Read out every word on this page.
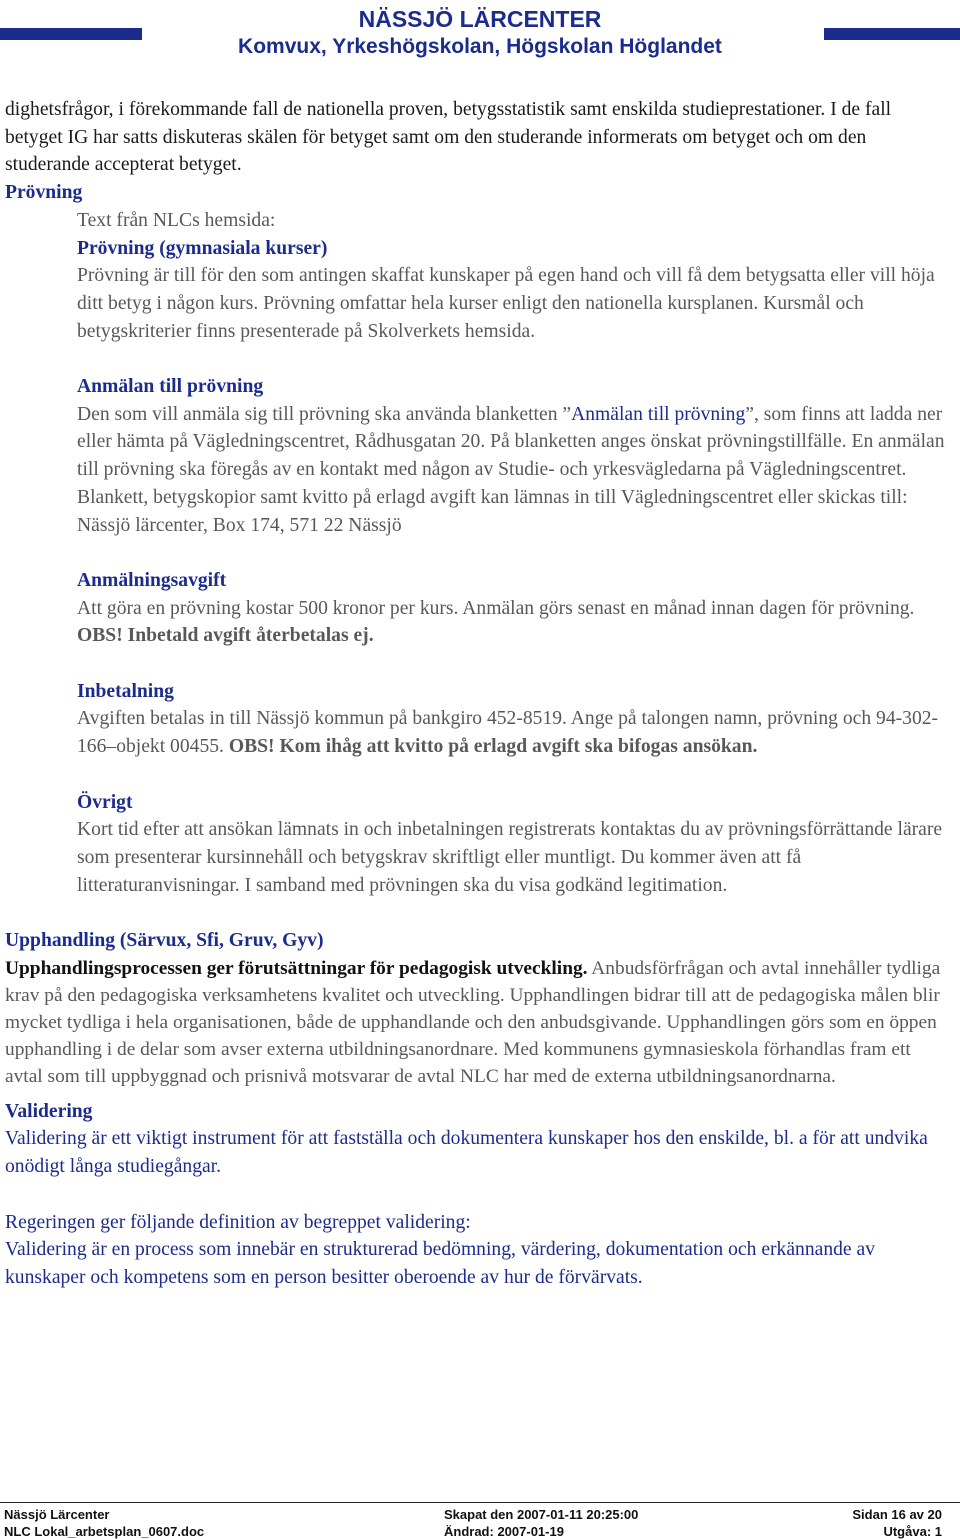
NÄSSJÖ LÄRCENTER
Komvux, Yrkeshögskolan, Högskolan Höglandet

dighetsfrågor, i förekommande fall de nationella proven, betygsstatistik samt enskilda studieprestationer. I de fall betyget IG har satts diskuteras skälen för betyget samt om den studerande informerats om betyget och om den studerande accepterat betyget.

Prövning
Text från NLCs hemsida:
Prövning (gymnasiala kurser)

Prövning är till för den som antingen skaffat kunskaper på egen hand och vill få dem betygsatta eller vill höja ditt betyg i någon kurs. Prövning omfattar hela kurser enligt den nationella kursplanen. Kursmål och betygskriterier finns presenterade på Skolverkets hemsida.

Anmälan till prövning

Den som vill anmäla sig till prövning ska använda blanketten ”Anmälan till prövning”, som finns att ladda ner eller hämta på Vägledningscentret, Rådhusgatan 20. På blanketten anges önskat prövningstillfälle. En anmälan till prövning ska föregås av en kontakt med någon av Studie- och yrkesvägledarna på Vägledningscentret. Blankett, betygskopior samt kvitto på erlagd avgift kan lämnas in till Vägledningscentret eller skickas till: Nässjö lärcenter, Box 174, 571 22 Nässjö

Anmälningsavgift

Att göra en prövning kostar 500 kronor per kurs. Anmälan görs senast en månad innan dagen för prövning. OBS! Inbetald avgift återbetalas ej.

Inbetalning

Avgiften betalas in till Nässjö kommun på bankgiro 452-8519. Ange på talongen namn, prövning och 94-302-166–objekt 00455. OBS! Kom ihåg att kvitto på erlagd avgift ska bifogas ansökan.

Övrigt

Kort tid efter att ansökan lämnats in och inbetalningen registrerats kontaktas du av prövningsförrättande lärare som presenterar kursinnehåll och betygskrav skriftligt eller muntligt. Du kommer även att få litteraturanvisningar. I samband med prövningen ska du visa godkänd legitimation.

Upphandling (Särvux, Sfi, Gruv, Gyv)

Upphandlingsprocessen ger förutsättningar för pedagogisk utveckling. Anbudsförfrågan och avtal innehåller tydliga krav på den pedagogiska verksamhetens kvalitet och utveckling. Upphandlingen bidrar till att de pedagogiska målen blir mycket tydliga i hela organisationen, både de upphandlande och den anbudsgivande. Upphandlingen görs som en öppen upphandling i de delar som avser externa utbildningsanordnare. Med kommunens gymnasieskola förhandlas fram ett avtal som till uppbyggnad och prisnivå motsvarar de avtal NLC har med de externa utbildningsanordnarna.

Validering

Validering är ett viktigt instrument för att fastställa och dokumentera kunskaper hos den enskilde, bl. a för att undvika onödigt långa studiegångar.

Regeringen ger följande definition av begreppet validering:

Validering är en process som innebär en strukturerad bedömning, värdering, dokumentation och erkännande av kunskaper och kompetens som en person besitter oberoende av hur de förvärvats.

Nässjö Lärcenter
NLC Lokal_arbetsplan_0607.doc
Skapat den 2007-01-11 20:25:00
Ändrad: 2007-01-19
Sidan 16 av 20
Utgåva: 1
